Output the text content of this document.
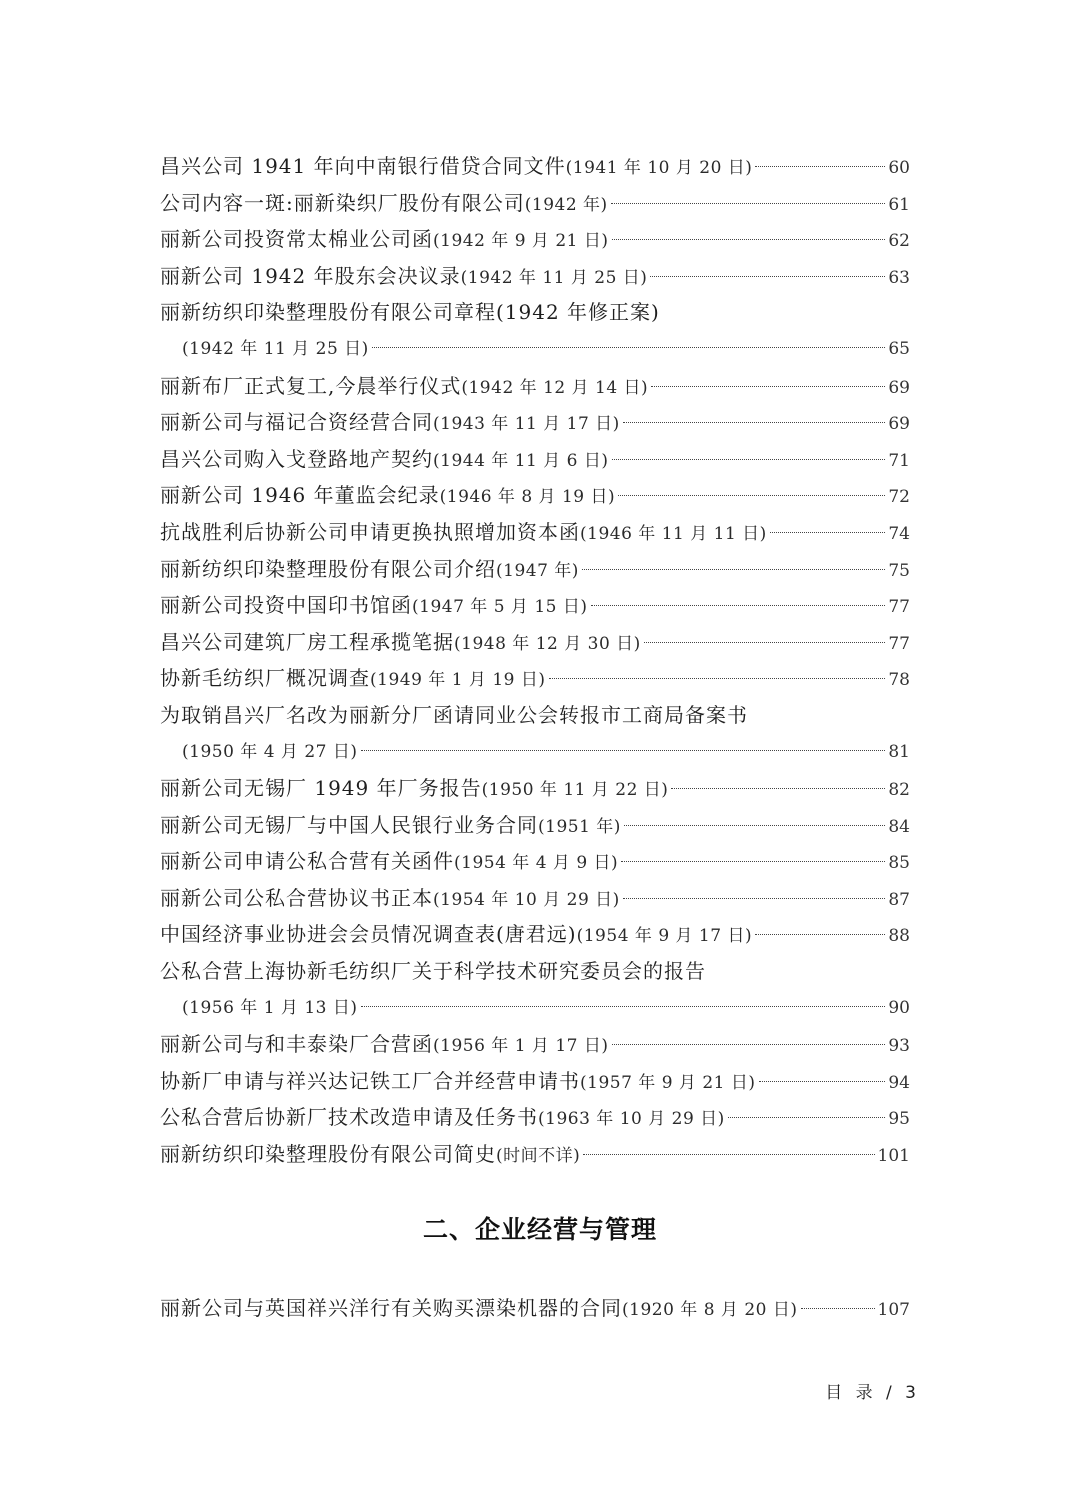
昌兴公司 1941 年向中南银行借贷合同文件 (1941 年 10 月 20 日)	60
公司内容一斑:丽新染织厂股份有限公司 (1942 年)	61
丽新公司投资常太棉业公司函 (1942 年 9 月 21 日)	62
丽新公司 1942 年股东会决议录 (1942 年 11 月 25 日)	63
丽新纺织印染整理股份有限公司章程(1942 年修正案)
(1942 年 11 月 25 日)	65
丽新布厂正式复工,今晨举行仪式 (1942 年 12 月 14 日)	69
丽新公司与福记合资经营合同 (1943 年 11 月 17 日)	69
昌兴公司购入戈登路地产契约 (1944 年 11 月 6 日)	71
丽新公司 1946 年董监会纪录 (1946 年 8 月 19 日)	72
抗战胜利后协新公司申请更换执照增加资本函 (1946 年 11 月 11 日)	74
丽新纺织印染整理股份有限公司介绍 (1947 年)	75
丽新公司投资中国印书馆函 (1947 年 5 月 15 日)	77
昌兴公司建筑厂房工程承揽笔据 (1948 年 12 月 30 日)	77
协新毛纺织厂概况调查 (1949 年 1 月 19 日)	78
为取销昌兴厂名改为丽新分厂函请同业公会转报市工商局备案书
(1950 年 4 月 27 日)	81
丽新公司无锡厂 1949 年厂务报告 (1950 年 11 月 22 日)	82
丽新公司无锡厂与中国人民银行业务合同 (1951 年)	84
丽新公司申请公私合营有关函件 (1954 年 4 月 9 日)	85
丽新公司公私合营协议书正本 (1954 年 10 月 29 日)	87
中国经济事业协进会会员情况调查表(唐君远) (1954 年 9 月 17 日)	88
公私合营上海协新毛纺织厂关于科学技术研究委员会的报告
(1956 年 1 月 13 日)	90
丽新公司与和丰泰染厂合营函 (1956 年 1 月 17 日)	93
协新厂申请与祥兴达记铁工厂合并经营申请书 (1957 年 9 月 21 日)	94
公私合营后协新厂技术改造申请及任务书 (1963 年 10 月 29 日)	95
丽新纺织印染整理股份有限公司简史 (时间不详)	101
二、企业经营与管理
丽新公司与英国祥兴洋行有关购买漂染机器的合同 (1920 年 8 月 20 日)	107
目 录 / 3
